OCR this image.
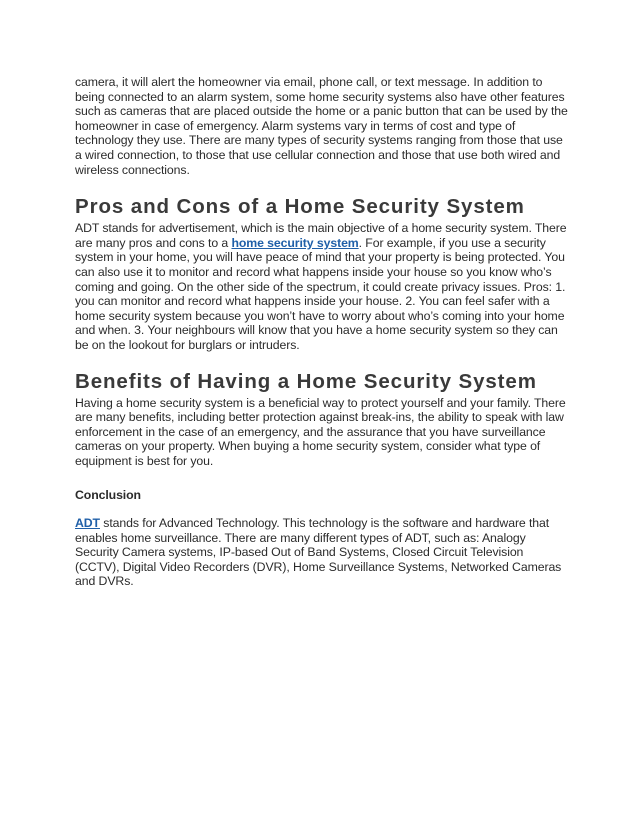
camera, it will alert the homeowner via email, phone call, or text message. In addition to being connected to an alarm system, some home security systems also have other features such as cameras that are placed outside the home or a panic button that can be used by the homeowner in case of emergency. Alarm systems vary in terms of cost and type of technology they use. There are many types of security systems ranging from those that use a wired connection, to those that use cellular connection and those that use both wired and wireless connections.

Pros and Cons of a Home Security System

ADT stands for advertisement, which is the main objective of a home security system. There are many pros and cons to a home security system. For example, if you use a security system in your home, you will have peace of mind that your property is being protected. You can also use it to monitor and record what happens inside your house so you know who’s coming and going. On the other side of the spectrum, it could create privacy issues. Pros: 1. you can monitor and record what happens inside your house. 2. You can feel safer with a home security system because you won’t have to worry about who’s coming into your home and when. 3. Your neighbours will know that you have a home security system so they can be on the lookout for burglars or intruders.

Benefits of Having a Home Security System

Having a home security system is a beneficial way to protect yourself and your family. There are many benefits, including better protection against break-ins, the ability to speak with law enforcement in the case of an emergency, and the assurance that you have surveillance cameras on your property. When buying a home security system, consider what type of equipment is best for you.

Conclusion

ADT stands for Advanced Technology. This technology is the software and hardware that enables home surveillance. There are many different types of ADT, such as: Analogy Security Camera systems, IP-based Out of Band Systems, Closed Circuit Television (CCTV), Digital Video Recorders (DVR), Home Surveillance Systems, Networked Cameras and DVRs.
